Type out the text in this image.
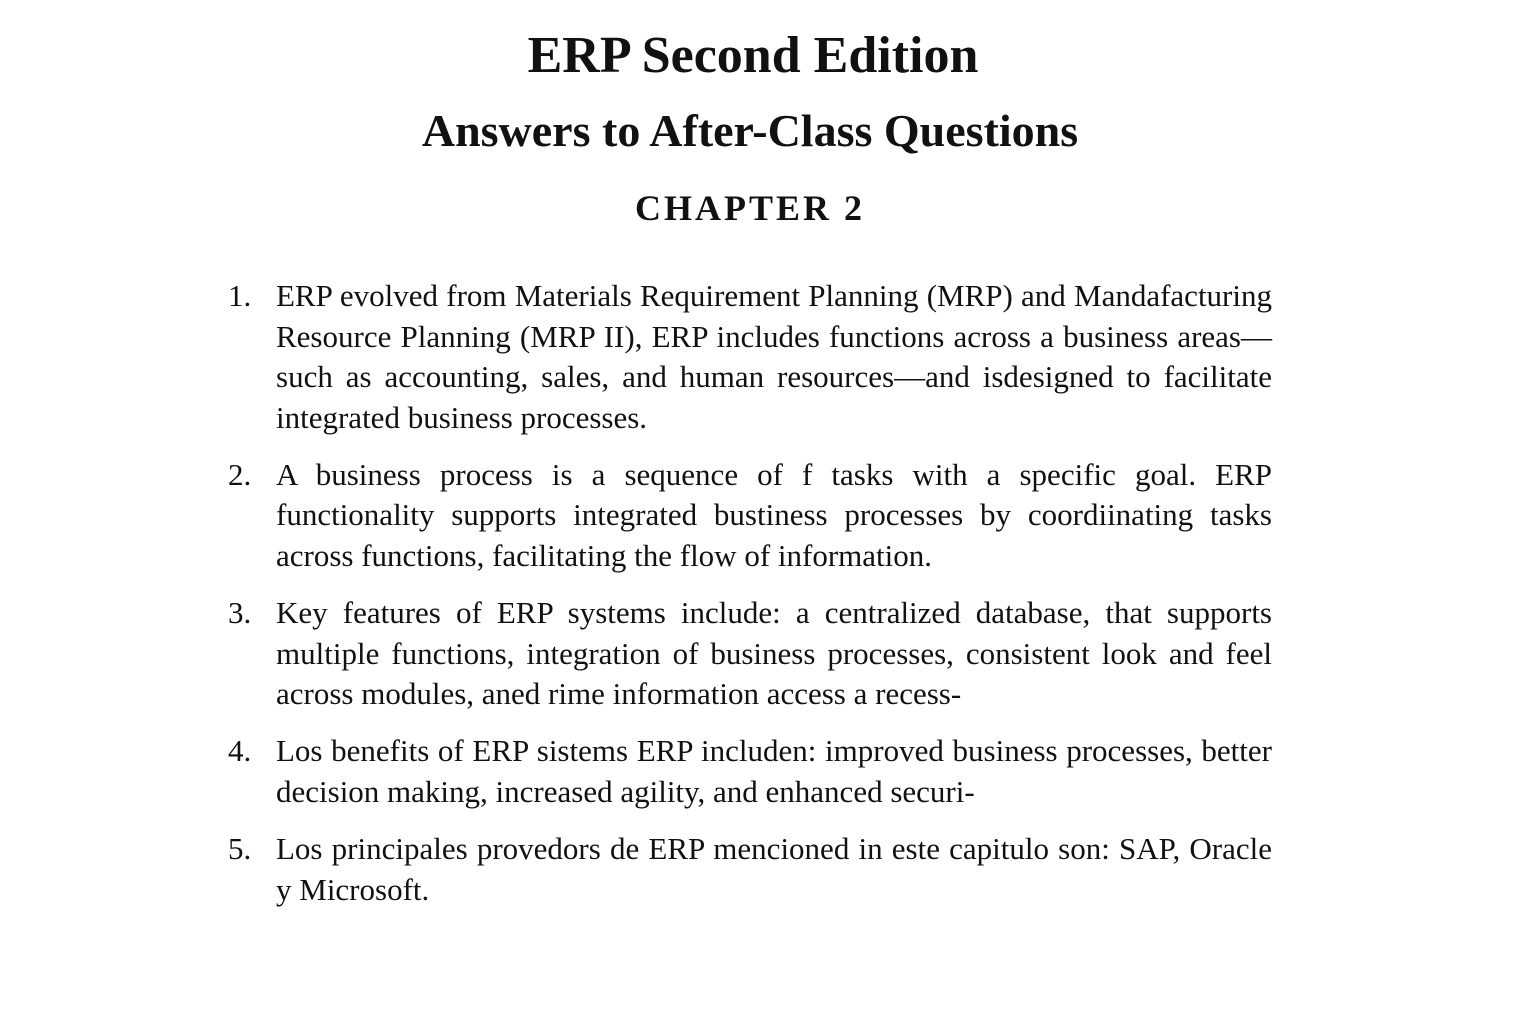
ERP Second Edition
Answers to After-Class Questions
CHAPTER 2
1. ERP evolved from Materials Requirement Planning (MRP) and Mandafacturing Resource Planning (MRP II), ERP includes functions across a business areas—such as accounting, sales, and human resources—and isdesigned to facilitate integrated business processes.
2. A business process is a sequence of f tasks with a specific goal. ERP functionality supports integrated bustiness processes by coordiinating tasks across functions, facilitating the flow of information.
3. Key features of ERP systems include: a centralized database, that supports multiple functions, integration of business processes, consistent look and feel across modules, aned rime information access a recess-
4. Los benefits of ERP sistems ERP includen: improved business processes, better decision making, increased agility, and enhanced securi-
5. Los principales provedors de ERP mencioned in este capitulo son: SAP, Oracle y Microsoft.
